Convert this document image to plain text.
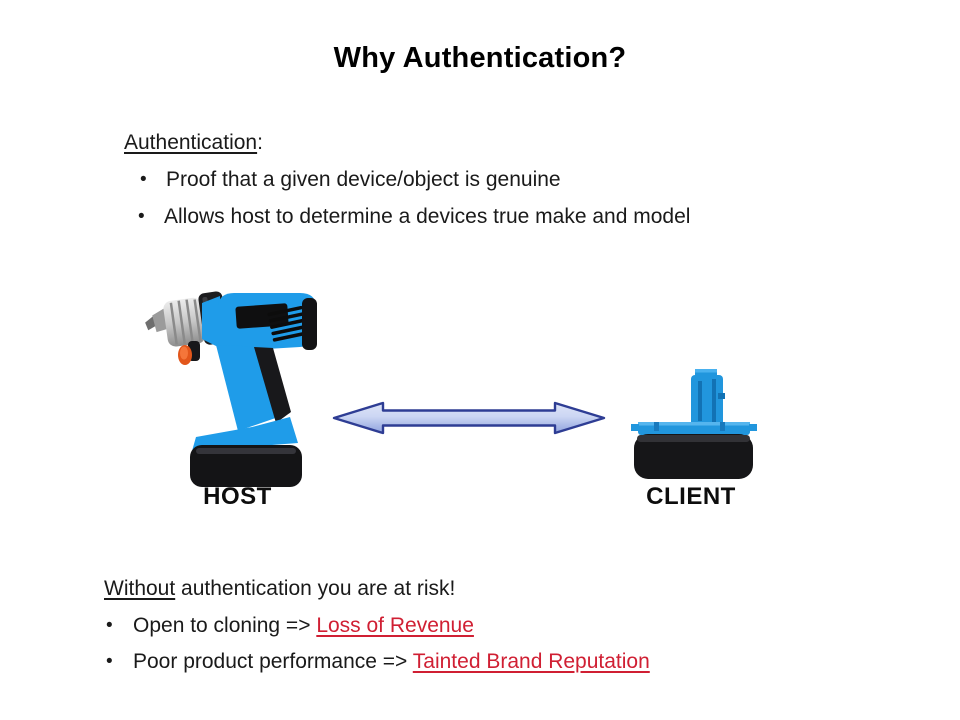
Why Authentication?
Authentication:
• Proof that a given device/object is genuine
• Allows host to determine a devices true make and model
HOST	CLIENT
Without authentication you are at risk!
• Open to cloning => Loss of Revenue
• Poor product performance => Tainted Brand Reputation
